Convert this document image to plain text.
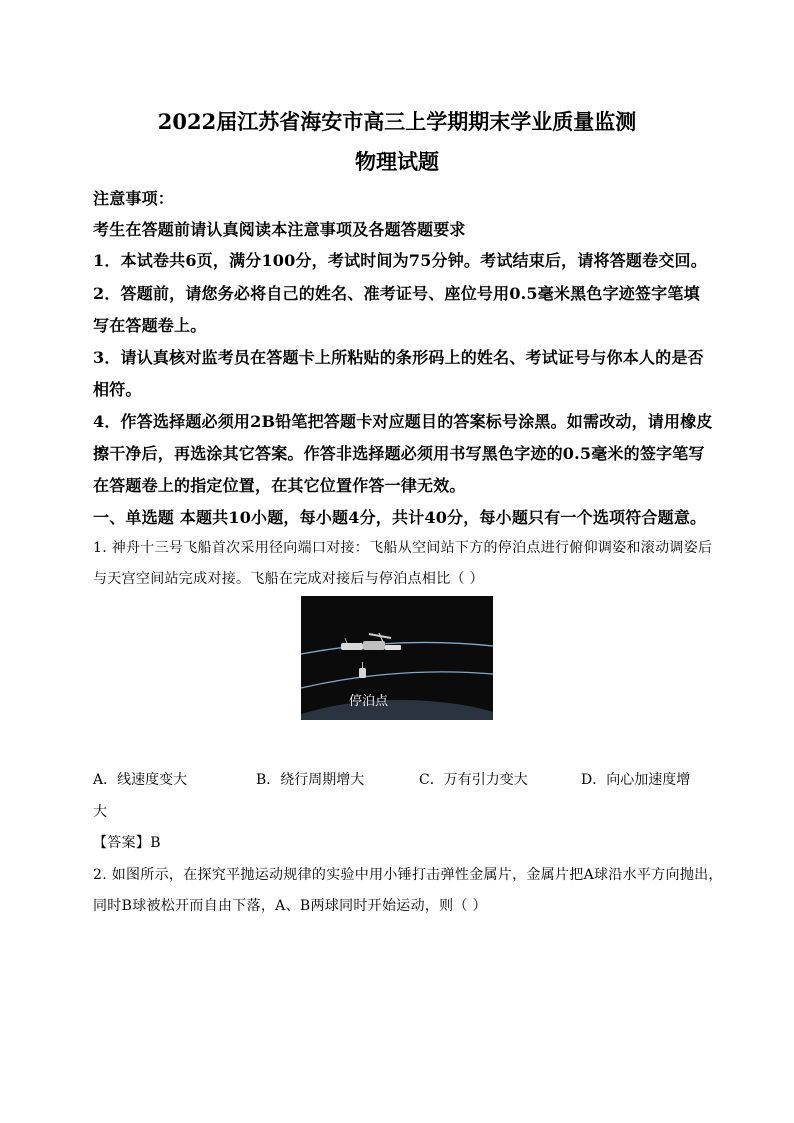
2022届江苏省海安市高三上学期期末学业质量监测
物理试题
注意事项：
考生在答题前请认真阅读本注意事项及各题答题要求
1．本试卷共6页，满分100分，考试时间为75分钟。考试结束后，请将答题卷交回。
2．答题前，请您务必将自己的姓名、准考证号、座位号用0.5毫米黑色字迹签字笔填
写在答题卷上。
3．请认真核对监考员在答题卡上所粘贴的条形码上的姓名、考试证号与你本人的是否
相符。
4．作答选择题必须用2B铅笔把答题卡对应题目的答案标号涂黑。如需改动，请用橡皮
擦干净后，再选涂其它答案。作答非选择题必须用书写黑色字迹的0.5毫米的签字笔写
在答题卷上的指定位置，在其它位置作答一律无效。
一、单选题 本题共10小题，每小题4分，共计40分，每小题只有一个选项符合题意。
1. 神舟十三号飞船首次采用径向端口对接：飞船从空间站下方的停泊点进行俯仰调姿和滚动调姿后
与天宫空间站完成对接。飞船在完成对接后与停泊点相比（ ）
停泊点
A．线速度变大	B．绕行周期增大	C．万有引力变大	D．向心加速度增
大
【答案】B
2. 如图所示，在探究平抛运动规律的实验中用小锤打击弹性金属片，金属片把A球沿水平方向抛出，
同时B球被松开而自由下落，A、B两球同时开始运动，则（ ）
